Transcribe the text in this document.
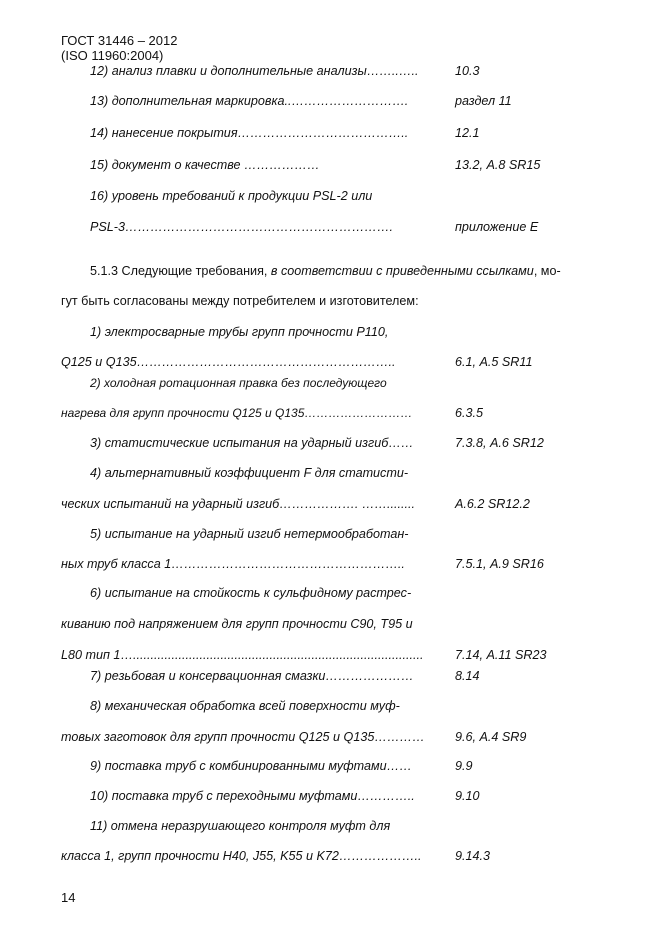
ГОСТ 31446 – 2012
(ISO 11960:2004)
12) анализ плавки и дополнительные анализы……..…..	10.3
13) дополнительная маркировка..……………………….	раздел 11
14) нанесение покрытия…………………………………..	12.1
15) документ о качестве ………………	13.2, А.8 SR15
16) уровень требований к продукции PSL-2 или
PSL-3……………………………………………………….	приложение Е
5.1.3 Следующие требования, в соответствии с приведенными ссылками, мо-
гут быть согласованы между потребителем и изготовителем:
1) электросварные трубы групп прочности Р110,
Q125 и Q135……………………………………………………..	6.1, А.5 SR11
2) холодная ротационная правка без последующего
нагрева для групп прочности Q125 и Q135………………………	6.3.5
3) статистические испытания на ударный изгиб……	7.3.8, А.6 SR12
4) альтернативный коэффициент F для статисти-
ческих испытаний на ударный изгиб………………. ……........	А.6.2 SR12.2
5) испытание на ударный изгиб нетермообработан-
ных труб класса 1………………………………………………..	7.5.1, А.9 SR16
6) испытание на стойкость к сульфидному растрес-
киванию под напряжением для групп прочности С90, Т95 и
L80 тип 1…...................................................................................	7.14, А.11 SR23
7) резьбовая и консервационная смазки…………………	8.14
8) механическая обработка всей поверхности муф-
товых заготовок для групп прочности Q125 и Q135………… 9.6, А.4 SR9
9) поставка труб с комбинированными муфтами……	9.9
10) поставка труб с переходными муфтами…………..	9.10
11) отмена неразрушающего контроля муфт для
класса 1, групп прочности Н40, J55, K55 и K72………………..	9.14.3
14
